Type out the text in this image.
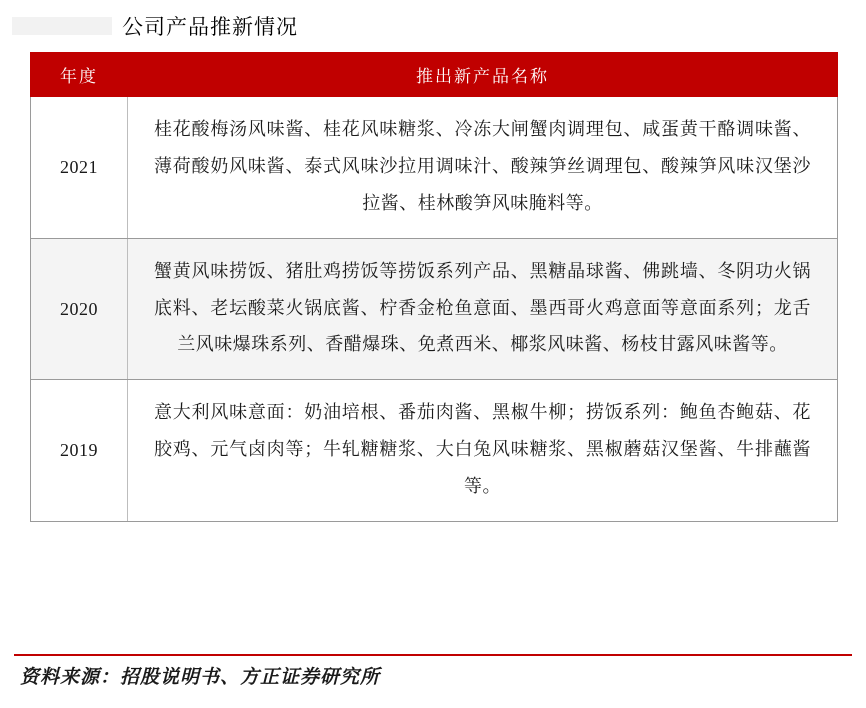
公司产品推新情况
年度	推出新产品名称
2021	桂花酸梅汤风味酱、桂花风味糖浆、冷冻大闸蟹肉调理包、咸蛋黄干酪调味酱、薄荷酸奶风味酱、泰式风味沙拉用调味汁、酸辣笋丝调理包、酸辣笋风味汉堡沙拉酱、桂林酸笋风味腌料等。
2020	蟹黄风味捞饭、猪肚鸡捞饭等捞饭系列产品、黑糖晶球酱、佛跳墙、冬阴功火锅底料、老坛酸菜火锅底酱、柠香金枪鱼意面、墨西哥火鸡意面等意面系列；龙舌兰风味爆珠系列、香醋爆珠、免煮西米、椰浆风味酱、杨枝甘露风味酱等。
2019	意大利风味意面：奶油培根、番茄肉酱、黑椒牛柳；捞饭系列：鲍鱼杏鲍菇、花胶鸡、元气卤肉等；牛轧糖糖浆、大白兔风味糖浆、黑椒蘑菇汉堡酱、牛排蘸酱等。
资料来源：招股说明书、方正证券研究所
